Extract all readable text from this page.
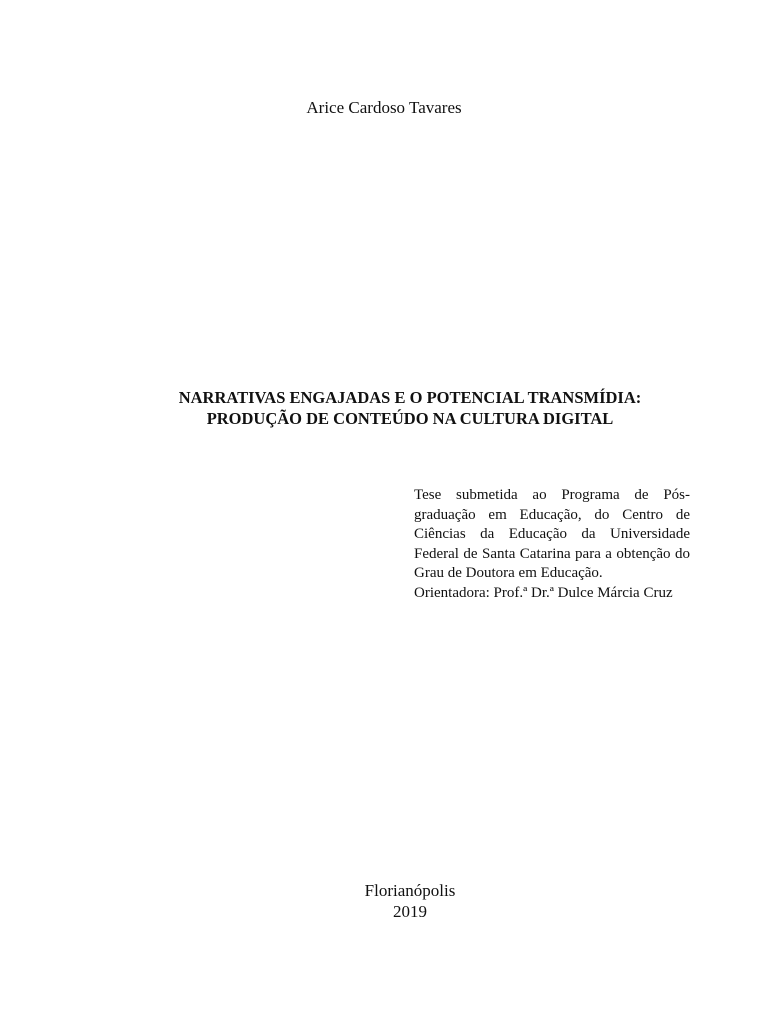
Arice Cardoso Tavares
NARRATIVAS ENGAJADAS E O POTENCIAL TRANSMÍDIA:
PRODUÇÃO DE CONTEÚDO NA CULTURA DIGITAL

Tese submetida ao Programa de Pós-graduação em Educação, do Centro de Ciências da Educação da Universidade Federal de Santa Catarina para a obtenção do Grau de Doutora em Educação.

Orientadora: Prof.ª Dr.ª Dulce Márcia Cruz

Florianópolis
2019
